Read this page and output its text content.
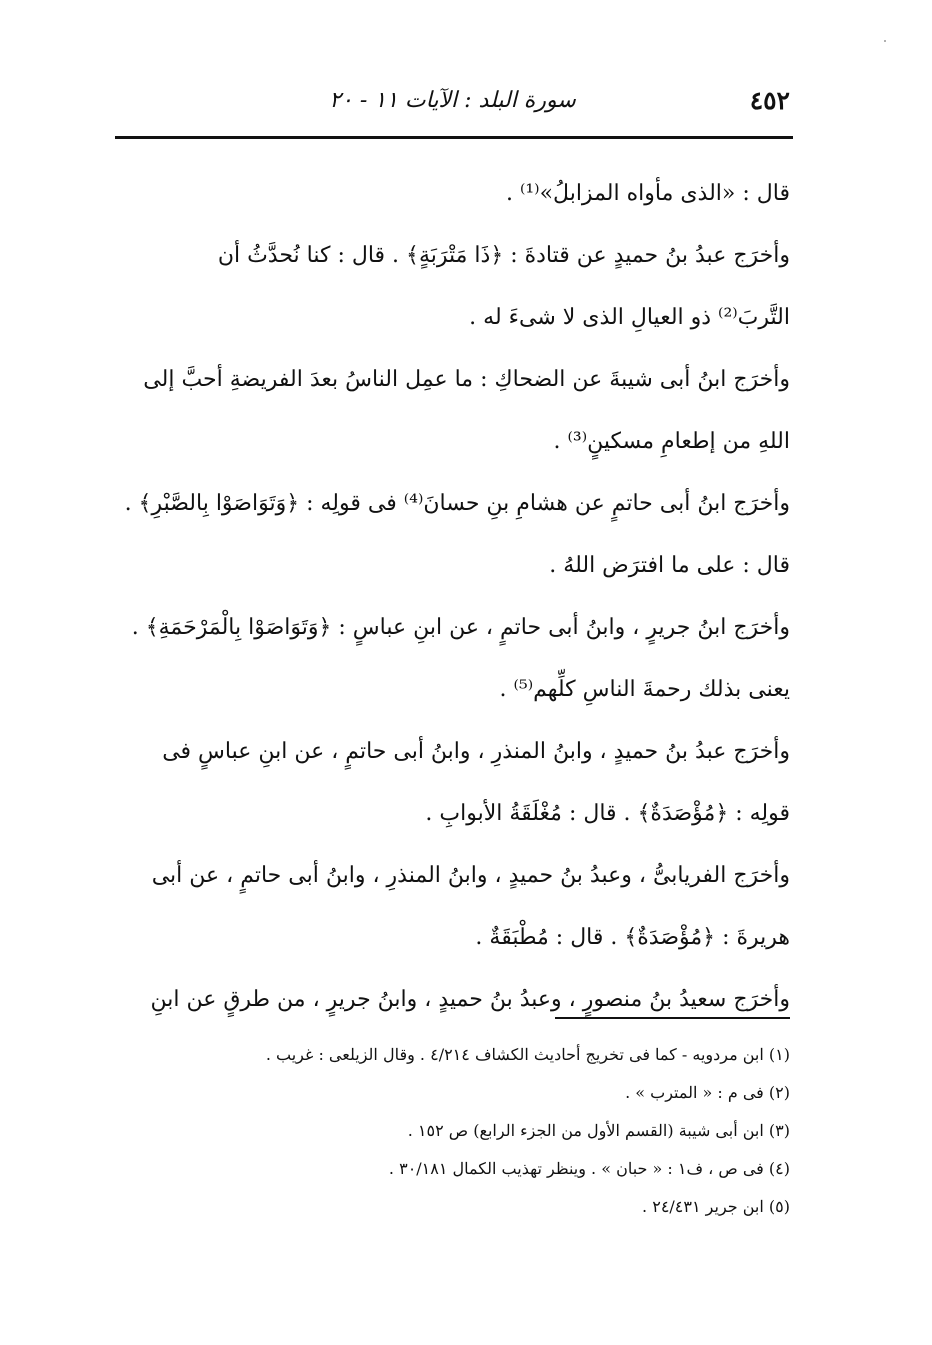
٤٥٢
سورة البلد : الآيات ١١ - ٢٠
قال : «الذى مأواه المزابلُ»⁽¹⁾ .
وأخرَج عبدُ بنُ حميدٍ عن قتادةَ : ﴿ذَا مَتْرَبَةٍ﴾ . قال : كنا نُحدَّثُ أن
التَّربَ⁽²⁾ ذو العيالِ الذى لا شىءَ له .
وأخرَج ابنُ أبى شيبةَ عن الضحاكِ : ما عمِل الناسُ بعدَ الفريضةِ أحبَّ إلى
اللهِ من إطعامِ مسكينٍ⁽³⁾ .
وأخرَج ابنُ أبى حاتمٍ عن هشامِ بنِ حسانَ⁽⁴⁾ فى قولِه : ﴿وَتَوَاصَوْا بِالصَّبْرِ﴾ .
قال : على ما افترَض اللهُ .
وأخرَج ابنُ جريرٍ ، وابنُ أبى حاتمٍ ، عن ابنِ عباسٍ : ﴿وَتَوَاصَوْا بِالْمَرْحَمَةِ﴾ .
يعنى بذلك رحمةَ الناسِ كلِّهم⁽⁵⁾ .
وأخرَج عبدُ بنُ حميدٍ ، وابنُ المنذرِ ، وابنُ أبى حاتمٍ ، عن ابنِ عباسٍ فى
قولِه : ﴿مُؤْصَدَةٌ﴾ . قال : مُغْلَقَةُ الأبوابِ .
وأخرَج الفريابىُّ ، وعبدُ بنُ حميدٍ ، وابنُ المنذرِ ، وابنُ أبى حاتمٍ ، عن أبى
هريرةَ : ﴿مُؤْصَدَةٌ﴾ . قال : مُطْبَقَةٌ .
وأخرَج سعيدُ بنُ منصورٍ ، وعبدُ بنُ حميدٍ ، وابنُ جريرٍ ، من طرقٍ عن ابنِ
(١) ابن مردويه - كما فى تخريج أحاديث الكشاف ٤/٢١٤ . وقال الزيلعى : غريب .
(٢) فى م : « المترب » .
(٣) ابن أبى شيبة (القسم الأول من الجزء الرابع) ص ١٥٢ .
(٤) فى ص ، ف١ : « حبان » . وينظر تهذيب الكمال ٣٠/١٨١ .
(٥) ابن جرير ٢٤/٤٣١ .
